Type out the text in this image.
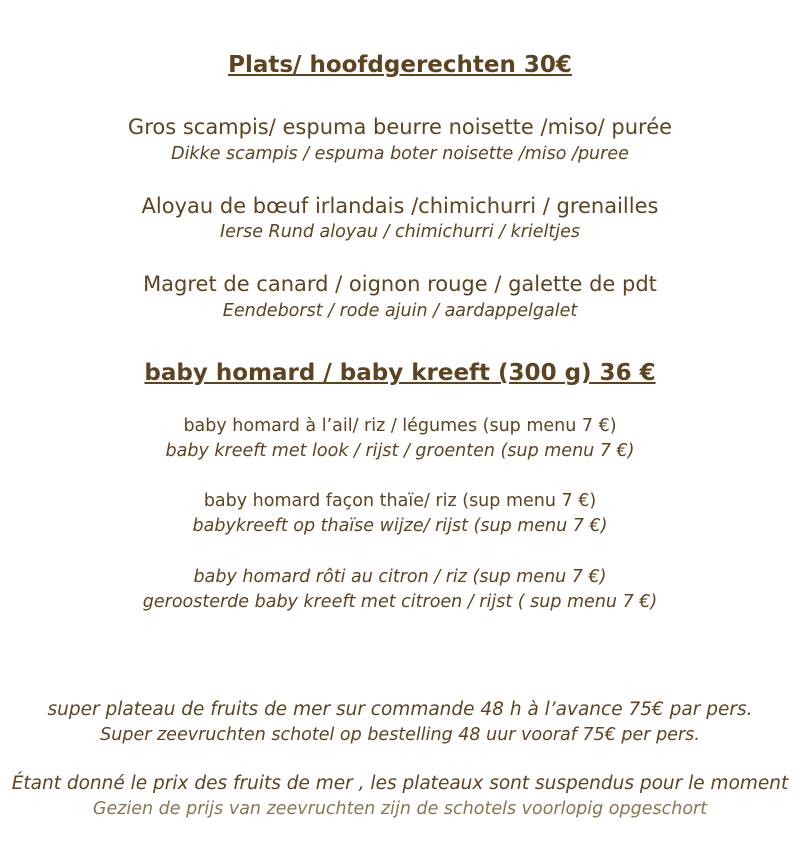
Plats/ hoofdgerechten 30€
Gros scampis/ espuma beurre noisette /miso/ purée
Dikke scampis / espuma boter noisette /miso /puree
Aloyau de bœuf irlandais /chimichurri / grenailles
Ierse Rund aloyau / chimichurri / krieltjes
Magret de canard / oignon rouge / galette de pdt
Eendeborst / rode ajuin / aardappelgalet
baby homard / baby kreeft (300 g) 36 €
baby homard à l’ail/ riz / légumes (sup menu 7 €)
baby kreeft met look / rijst / groenten (sup menu 7 €)
baby homard façon thaïe/ riz (sup menu 7 €)
babykreeft op thaïse wijze/ rijst (sup menu 7 €)
baby homard rôti au citron / riz (sup menu 7 €)
geroosterde baby kreeft met citroen / rijst ( sup menu 7 €)
super plateau de fruits de mer sur commande 48 h à l’avance 75€ par pers.
Super zeevruchten schotel op bestelling 48 uur vooraf 75€ per pers.
Étant donné le prix des fruits de mer , les plateaux sont suspendus pour le moment
Gezien de prijs van zeevruchten zijn de schotels voorlopig opgeschort
